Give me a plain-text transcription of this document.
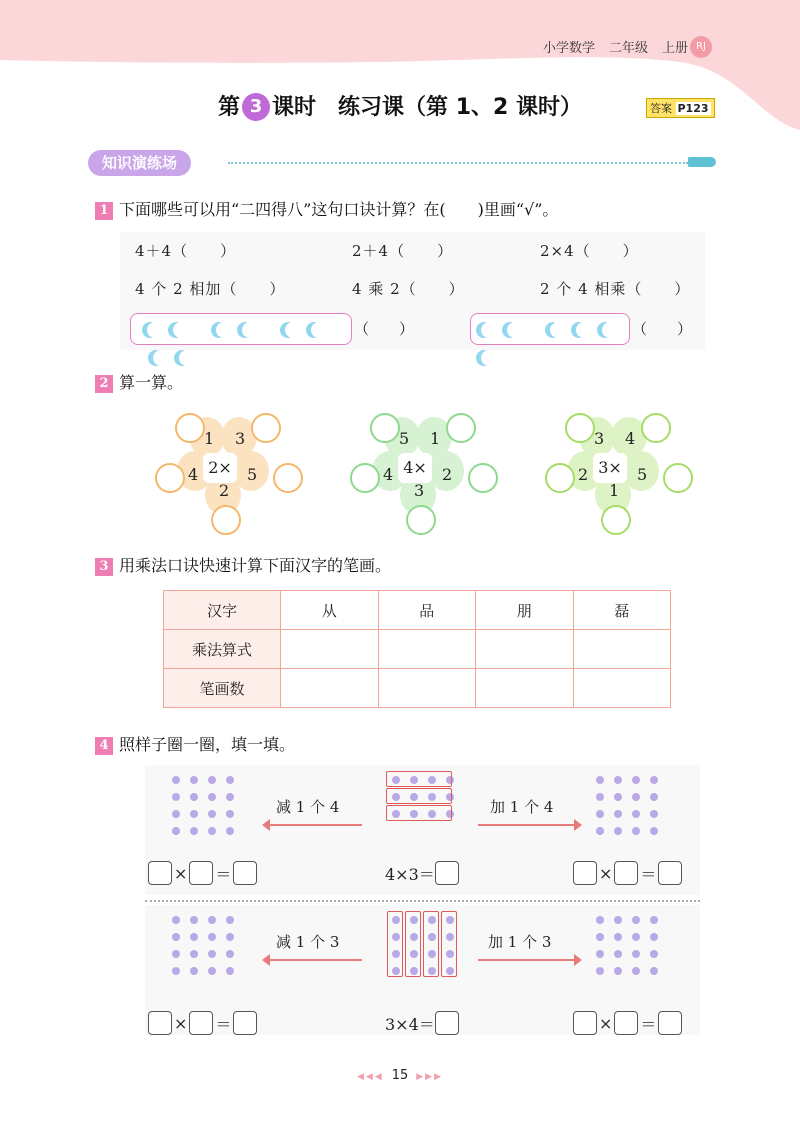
小学数学 二年级 上册 RJ
第 3 课时　练习课（第 1、2 课时）	答案 P123
知识演练场
1 下面哪些可以用“二四得八”这句口诀计算？在(　　)里画“√”。
4＋4（　　）	2＋4（　　）	2×4（　　）
4 个 2 相加（　　）	4 乘 2（　　）	2 个 4 相乘（　　）

（　　）
	（　　）
2 算一算。
2×
1 3
4	5
2
4×
5 1
4	2
3
3×
3 4
2	5
1
3 用乘法口诀快速计算下面汉字的笔画。
汉字	从	品	朋	磊
乘法算式				
笔画数				
4 照样子圈一圈，填一填。
减 1 个 4	加 1 个 4
× ＝	4×3＝	× ＝
减 1 个 3	加 1 个 3
× ＝	3×4＝	× ＝
◀◀◀ 15 ▶▶▶
